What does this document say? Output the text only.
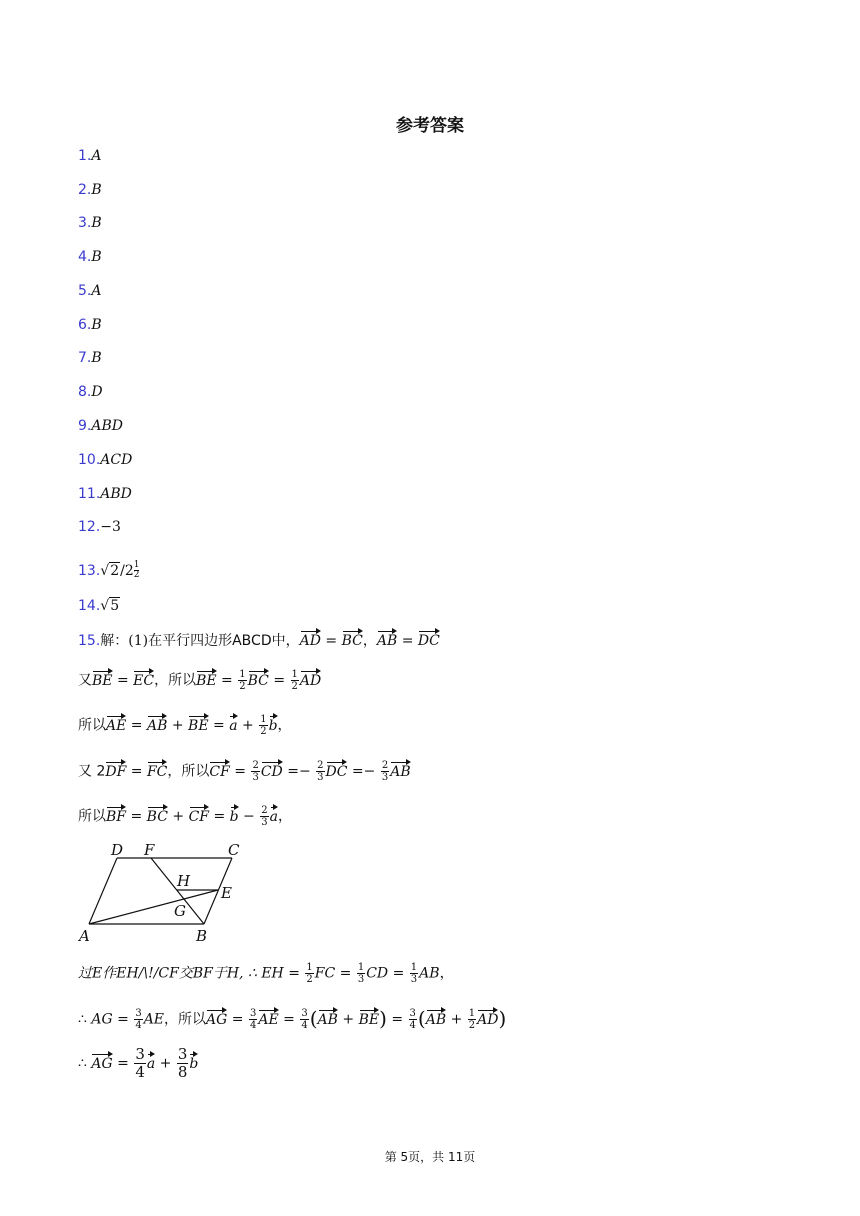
参考答案
1.A
2.B
3.B
4.B
5.A
6.B
7.B
8.D
9.ABD
10.ACD
11.ABD
12.−3
$13.√2/2 \frac{1}{2}$
14.√5
15.解：(1)在平行四边形ABCD中，AD = BC，AB = DC
又BE = EC，所以BE = $\frac{1}{2}$ BC = $\frac{1}{2}$ AD
所以AE = AB + BE = $a + \frac{1}{2}$ b，
又 2DF = FC，所以CF = $\frac{2}{3}$ CD =− $\frac{2}{3}$ DC =− $\frac{2}{3}$ AB
所以BF = BC + CF = $b - \frac{2}{3}$ a，
D F	C
H
E
G
A	B
过E作EH/\!/CF交BF于H, ∴ EH = $\frac{1}{2}$ FC = $\frac{1}{3}$ CD = $\frac{1}{3}$ AB，
∴ AG = $\frac{3}{4}$ AE，所以AG = $\frac{3}{4}$ AE = $\frac{3}{4} (AB + BE) = \frac{3}{4} (AB + \frac{1}{2} AD)$
∴ AG = $\frac{3}{4}$ $a + \frac{3}{8}$ b
第 5页，共 11页
